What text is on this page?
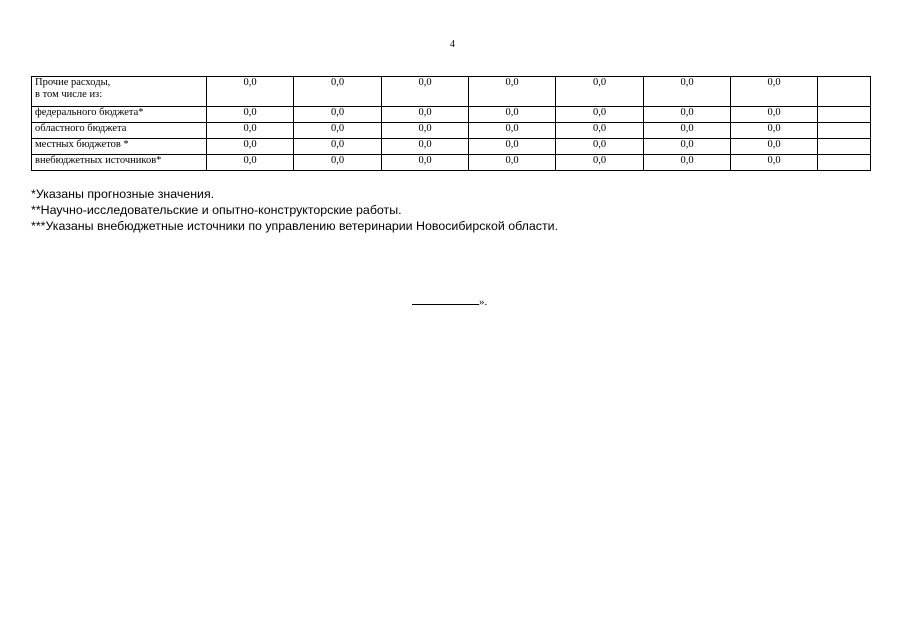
4
Прочие расходы,
в том числе из:	0,0	0,0	0,0	0,0	0,0	0,0	0,0	

федерального бюджета*	0,0	0,0	0,0	0,0	0,0	0,0	0,0	

областного бюджета	0,0	0,0	0,0	0,0	0,0	0,0	0,0	

местных бюджетов *	0,0	0,0	0,0	0,0	0,0	0,0	0,0	

внебюджетных источников*	0,0	0,0	0,0	0,0	0,0	0,0	0,0	
*Указаны прогнозные значения.
**Научно-исследовательские и опытно-конструкторские работы.
***Указаны внебюджетные источники по управлению ветеринарии Новосибирской области.
».
